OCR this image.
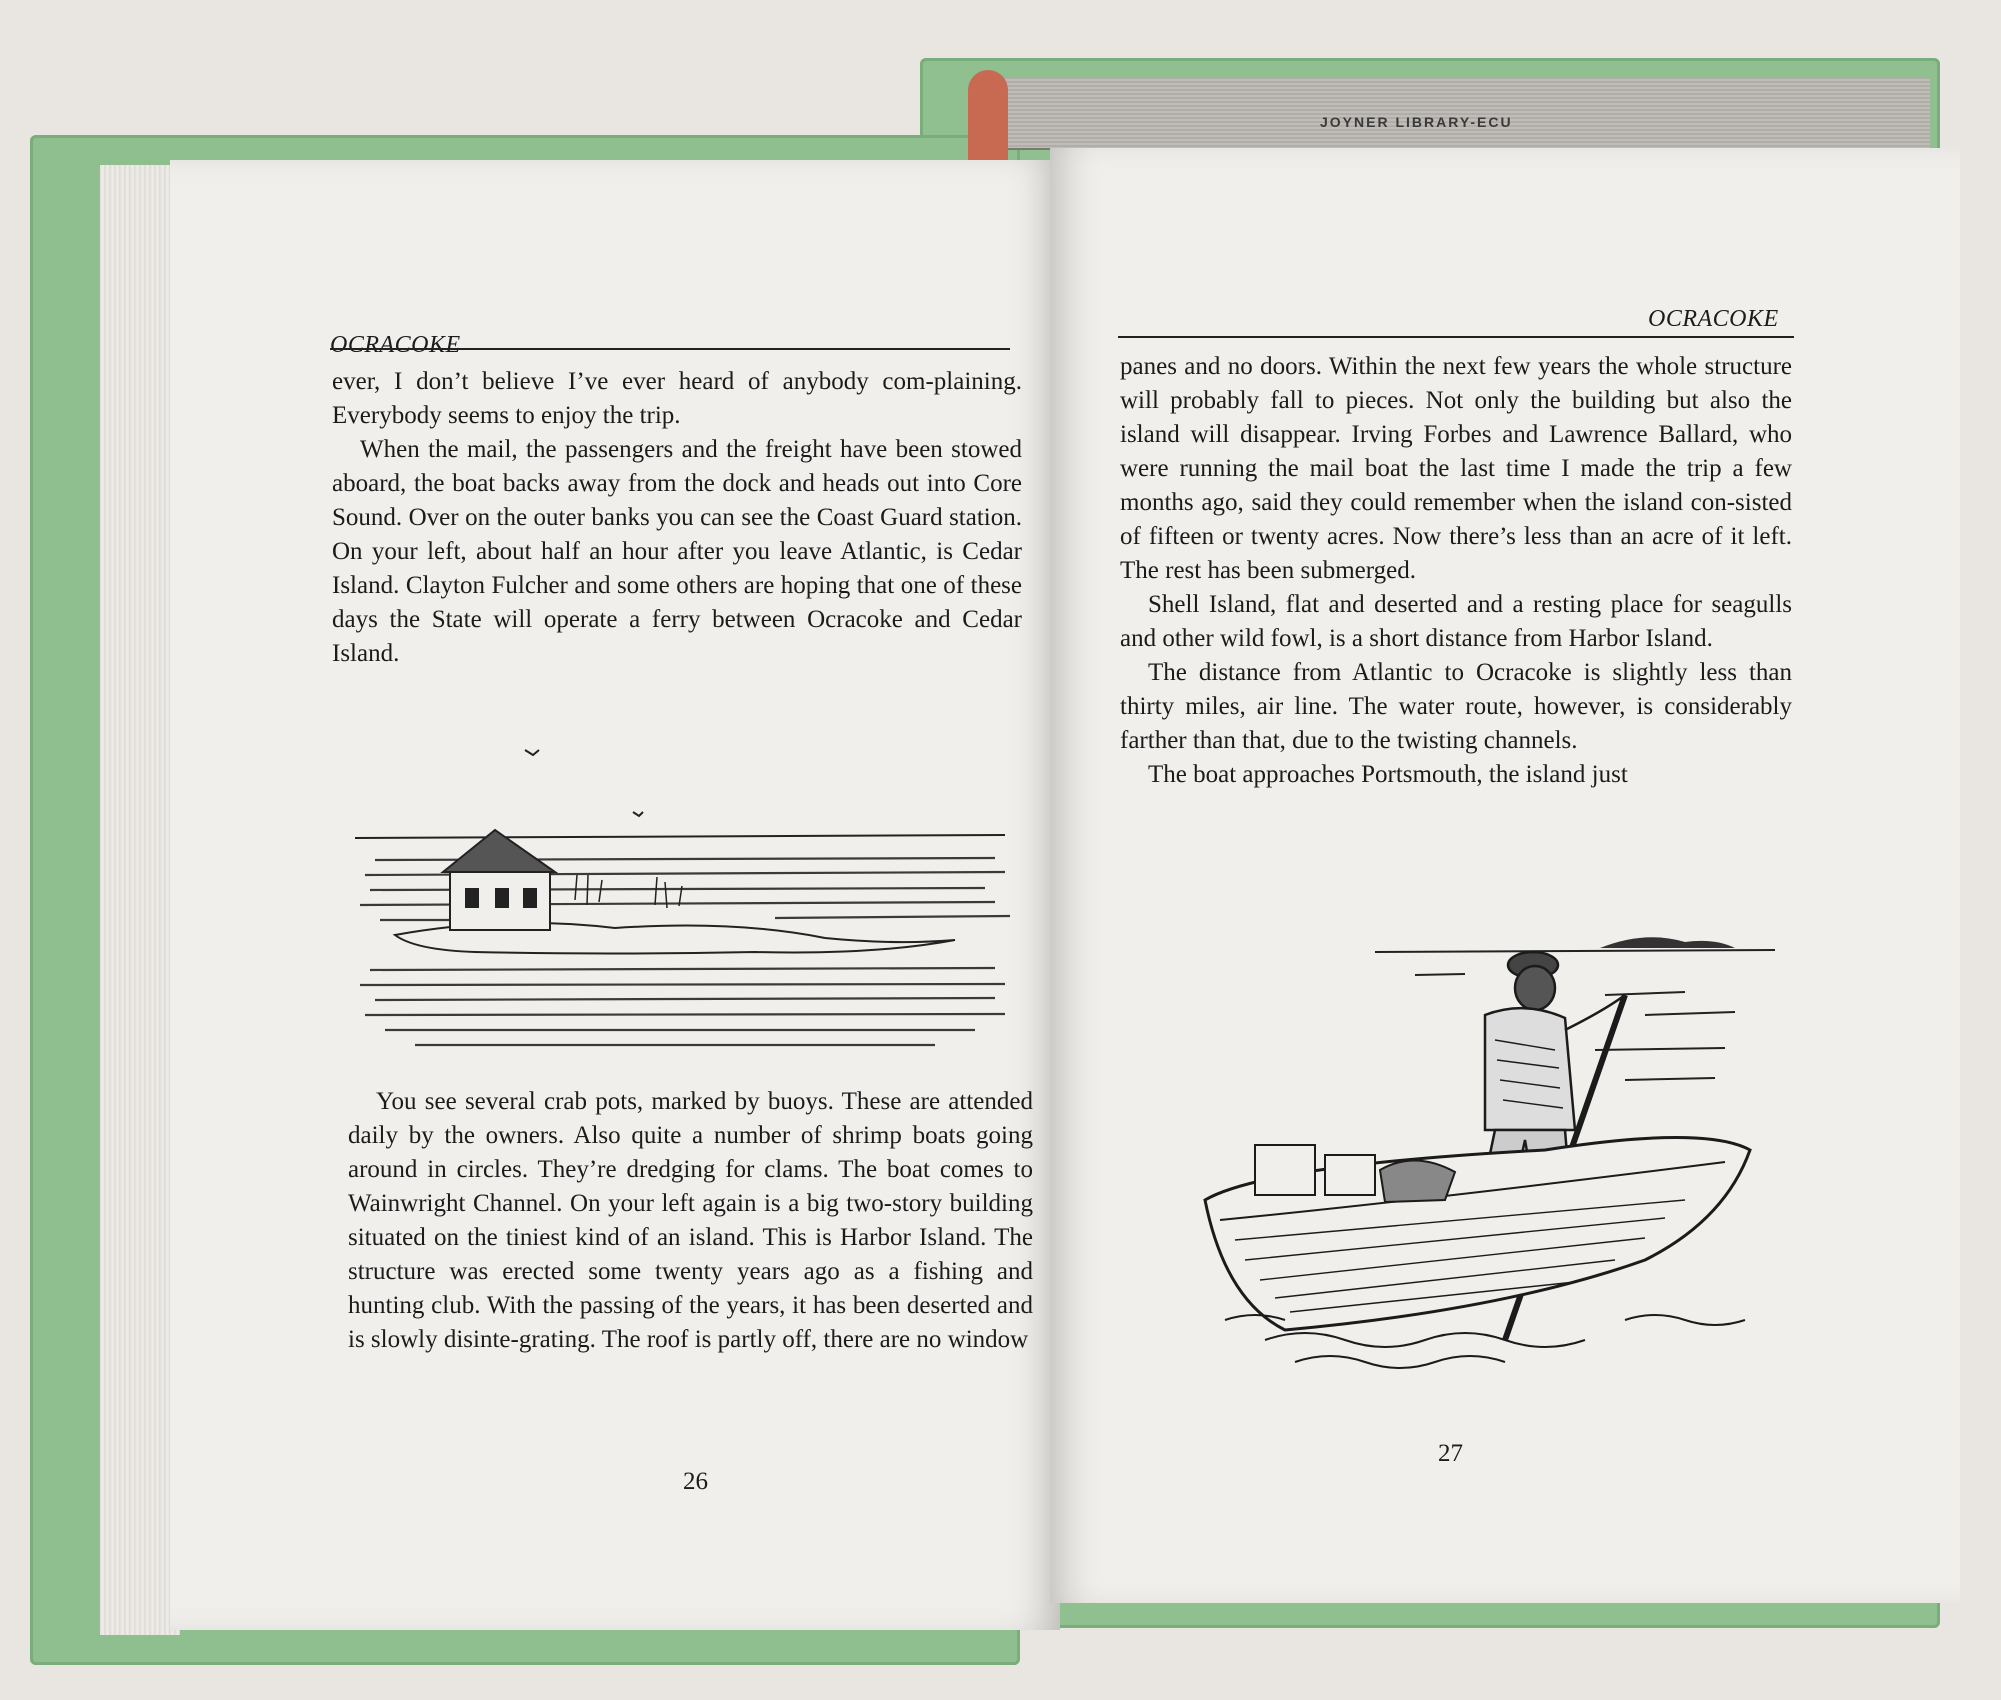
JOYNER LIBRARY-ECU
OCRACOKE

ever, I don’t believe I’ve ever heard of anybody com-plaining. Everybody seems to enjoy the trip.

When the mail, the passengers and the freight have been stowed aboard, the boat backs away from the dock and heads out into Core Sound. Over on the outer banks you can see the Coast Guard station. On your left, about half an hour after you leave Atlantic, is Cedar Island. Clayton Fulcher and some others are hoping that one of these days the State will operate a ferry between Ocracoke and Cedar Island.

You see several crab pots, marked by buoys. These are attended daily by the owners. Also quite a number of shrimp boats going around in circles. They’re dredging for clams. The boat comes to Wainwright Channel. On your left again is a big two-story building situated on the tiniest kind of an island. This is Harbor Island. The structure was erected some twenty years ago as a fishing and hunting club. With the passing of the years, it has been deserted and is slowly disinte-grating. The roof is partly off, there are no window

26
OCRACOKE

panes and no doors. Within the next few years the whole structure will probably fall to pieces. Not only the building but also the island will disappear. Irving Forbes and Lawrence Ballard, who were running the mail boat the last time I made the trip a few months ago, said they could remember when the island con-sisted of fifteen or twenty acres. Now there’s less than an acre of it left. The rest has been submerged.

Shell Island, flat and deserted and a resting place for seagulls and other wild fowl, is a short distance from Harbor Island.

The distance from Atlantic to Ocracoke is slightly less than thirty miles, air line. The water route, however, is considerably farther than that, due to the twisting channels.

The boat approaches Portsmouth, the island just

27
